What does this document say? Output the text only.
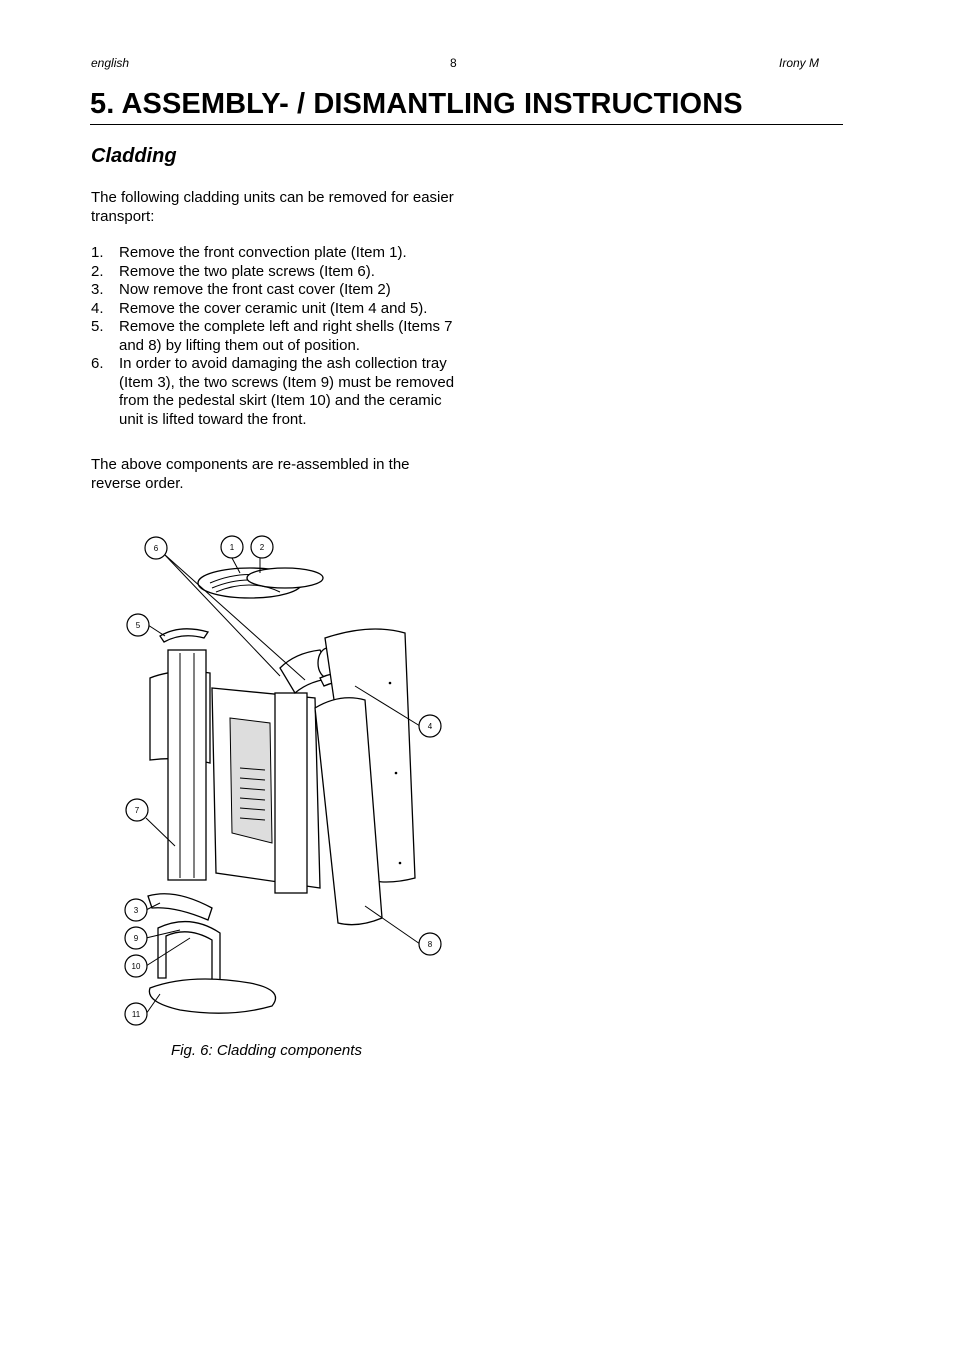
english	8	Irony M
5. ASSEMBLY- / DISMANTLING INSTRUCTIONS
Cladding

The following cladding units can be removed for easier transport:

1.	Remove the front convection plate (Item 1).
2.	Remove the two plate screws (Item 6).
3.	Now remove the front cast cover (Item 2)
4.	Remove the cover ceramic unit (Item 4 and 5).
5.	Remove the complete left and right shells (Items 7 and 8) by lifting them out of position.
6.	In order to avoid damaging the ash collection tray (Item 3), the two screws (Item 9) must be removed from the pedestal skirt (Item 10) and the ceramic unit is lifted toward the front.

The above components are re-assembled in the reverse order.

6	1	2
5
4
7
3
9
10
8
11

Fig. 6: Cladding components
